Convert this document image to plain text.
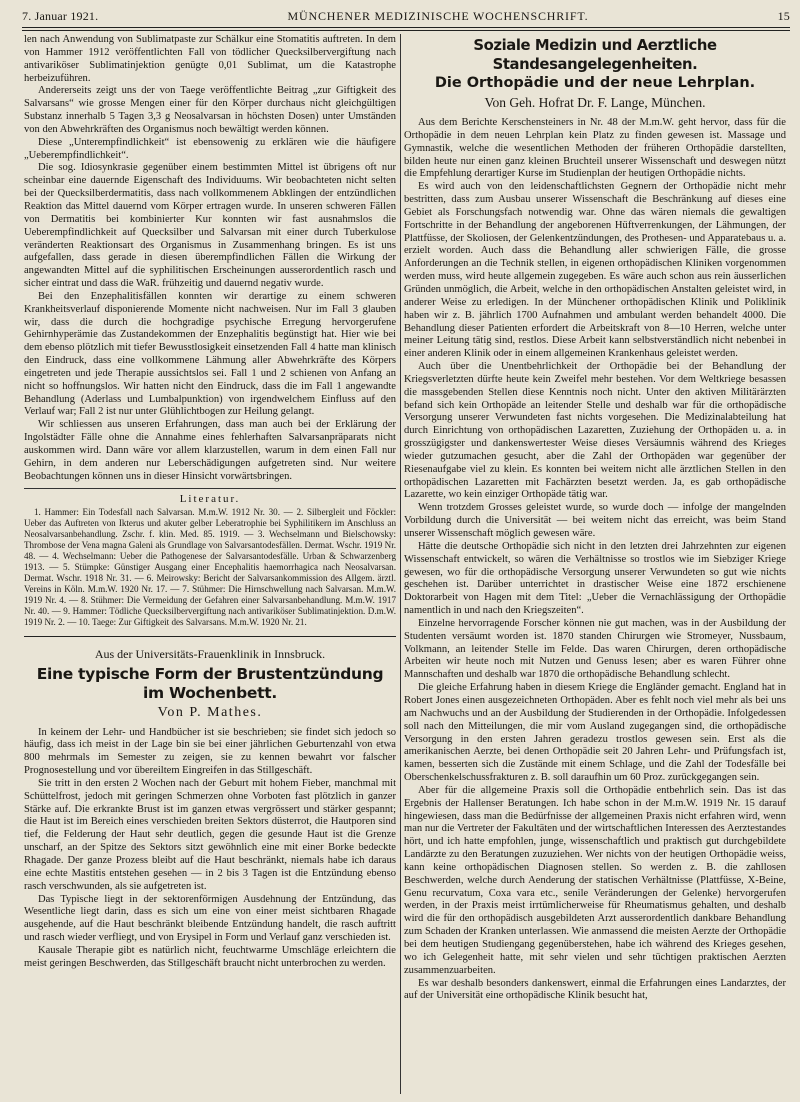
7. Januar 1921.	MÜNCHENER MEDIZINISCHE WOCHENSCHRIFT.	15

len nach Anwendung von Sublimatpaste zur Schälkur eine Stomatitis auftreten. In dem von Hammer 1912 veröffentlichten Fall von tödlicher Quecksilbervergiftung nach antivariköser Sublimatinjektion genügte 0,01 Sublimat, um die Katastrophe herbeizuführen.

Andererseits zeigt uns der von Taege veröffentlichte Beitrag „zur Giftigkeit des Salvarsans“ wie grosse Mengen einer für den Körper durchaus nicht gleichgültigen Substanz innerhalb 5 Tagen 3,3 g Neosalvarsan in höchsten Dosen) unter Umständen von den Abwehrkräften des Organismus noch bewältigt werden können.

Diese „Unterempfindlichkeit“ ist ebensowenig zu erklären wie die häufigere „Ueberempfindlichkeit“.

Die sog. Idiosynkrasie gegenüber einem bestimmten Mittel ist übrigens oft nur scheinbar eine dauernde Eigenschaft des Individuums. Wir beobachteten nicht selten bei der Quecksilberdermatitis, dass nach vollkommenem Abklingen der entzündlichen Reaktion das Mittel dauernd vom Körper ertragen wurde. In unseren schweren Fällen von Dermatitis bei kombinierter Kur konnten wir fast ausnahmslos die Ueberempfindlichkeit auf Quecksilber und Salvarsan mit einer durch Tuberkulose veränderten Reaktionsart des Organismus in Zusammenhang bringen. Es ist uns aufgefallen, dass gerade in diesen überempfindlichen Fällen die Wirkung der angewandten Mittel auf die syphilitischen Erscheinungen ausserordentlich rasch und sicher eintrat und dass die WaR. frühzeitig und dauernd negativ wurde.

Bei den Enzephalitisfällen konnten wir derartige zu einem schweren Krankheitsverlauf disponierende Momente nicht nachweisen. Nur im Fall 3 glauben wir, dass die durch die hochgradige psychische Erregung hervorgerufene Gehirnhyperämie das Zustandekommen der Enzephalitis begünstigt hat. Hier wie bei dem ebenso plötzlich mit tiefer Bewusstlosigkeit einsetzenden Fall 4 hatte man klinisch den Eindruck, dass eine vollkommene Lähmung aller Abwehrkräfte des Körpers eingetreten und jede Therapie aussichtslos sei. Fall 1 und 2 schienen von Anfang an nicht so hoffnungslos. Wir hatten nicht den Eindruck, dass die im Fall 1 angewandte Behandlung (Aderlass und Lumbalpunktion) von irgendwelchem Einfluss auf den Verlauf war; Fall 2 ist nur unter Glühlichtbogen zur Heilung gelangt.

Wir schliessen aus unseren Erfahrungen, dass man auch bei der Erklärung der Ingolstädter Fälle ohne die Annahme eines fehlerhaften Salvarsanpräparats nicht auskommen wird. Dann wäre vor allem klarzustellen, warum in dem einen Fall nur Gehirn, in dem anderen nur Leberschädigungen aufgetreten sind. Nur weitere Beobachtungen können uns in dieser Hinsicht vorwärtsbringen.

Literatur.

1. Hammer: Ein Todesfall nach Salvarsan. M.m.W. 1912 Nr. 30. — 2. Silbergleit und Föckler: Ueber das Auftreten von Ikterus und akuter gelber Leberatrophie bei Syphilitikern im Anschluss an Neosalvarsanbehandlung. Zschr. f. klin. Med. 85. 1919. — 3. Wechselmann und Bielschowsky: Thrombose der Vena magna Galeni als Grundlage von Salvarsantodesfällen. Dermat. Wschr. 1919 Nr. 48. — 4. Wechselmann: Ueber die Pathogenese der Salvarsantodesfälle. Urban & Schwarzenberg 1913. — 5. Stümpke: Günstiger Ausgang einer Encephalitis haemorrhagica nach Neosalvarsan. Dermat. Wschr. 1918 Nr. 31. — 6. Meirowsky: Bericht der Salvarsankommission des Allgem. ärztl. Vereins in Köln. M.m.W. 1920 Nr. 17. — 7. Stühmer: Die Hirnschwellung nach Salvarsan. M.m.W. 1919 Nr. 4. — 8. Stühmer: Die Vermeidung der Gefahren einer Salvarsanbehandlung. M.m.W. 1917 Nr. 40. — 9. Hammer: Tödliche Quecksilbervergiftung nach antivariköser Sublimatinjektion. D.m.W. 1919 Nr. 2. — 10. Taege: Zur Giftigkeit des Salvarsans. M.m.W. 1920 Nr. 21.

Aus der Universitäts-Frauenklinik in Innsbruck.
Eine typische Form der Brustentzündung im Wochenbett.
Von P. Mathes.

In keinem der Lehr- und Handbücher ist sie beschrieben; sie findet sich jedoch so häufig, dass ich meist in der Lage bin sie bei einer jährlichen Geburtenzahl von etwa 800 mehrmals im Semester zu zeigen, sie zu kennen bewahrt vor falscher Prognosestellung und vor übereiltem Eingreifen in das Stillgeschäft.

Sie tritt in den ersten 2 Wochen nach der Geburt mit hohem Fieber, manchmal mit Schüttelfrost, jedoch mit geringen Schmerzen ohne Vorboten fast plötzlich in ganzer Stärke auf. Die erkrankte Brust ist im ganzen etwas vergrössert und stärker gespannt; die Haut ist im Bereich eines verschieden breiten Sektors düsterrot, die Hautporen sind tief, die Felderung der Haut sehr deutlich, gegen die gesunde Haut ist die Grenze unscharf, an der Spitze des Sektors sitzt gewöhnlich eine mit einer Borke bedeckte Rhagade. Der ganze Prozess bleibt auf die Haut beschränkt, niemals habe ich daraus eine echte Mastitis entstehen gesehen — in 2 bis 3 Tagen ist die Entzündung ebenso rasch verschwunden, als sie aufgetreten ist.

Das Typische liegt in der sektorenförmigen Ausdehnung der Entzündung, das Wesentliche liegt darin, dass es sich um eine von einer meist sichtbaren Rhagade ausgehende, auf die Haut beschränkt bleibende Entzündung handelt, die rasch auftritt und rasch wieder verfliegt, und von Erysipel in Form und Verlauf ganz verschieden ist.

Kausale Therapie gibt es natürlich nicht, feuchtwarme Umschläge erleichtern die meist geringen Beschwerden, das Stillgeschäft braucht nicht unterbrochen zu werden.

Soziale Medizin und Aerztliche Standesangelegenheiten.
Die Orthopädie und der neue Lehrplan.
Von Geh. Hofrat Dr. F. Lange, München.

Aus dem Berichte Kerschensteiners in Nr. 48 der M.m.W. geht hervor, dass für die Orthopädie in dem neuen Lehrplan kein Platz zu finden gewesen ist. Massage und Gymnastik, welche die wesentlichen Methoden der früheren Orthopädie darstellten, bilden heute nur einen ganz kleinen Bruchteil unserer Wissenschaft und deswegen nützt die Empfehlung derartiger Kurse im Studienplan der heutigen Orthopädie nichts.

Es wird auch von den leidenschaftlichsten Gegnern der Orthopädie nicht mehr bestritten, dass zum Ausbau unserer Wissenschaft die Beschränkung auf dieses eine Gebiet als Forschungsfach notwendig war. Ohne das wären niemals die gewaltigen Fortschritte in der Behandlung der angeborenen Hüftverrenkungen, der Lähmungen, der Plattfüsse, der Skoliosen, der Gelenkentzündungen, des Prothesen- und Apparatebaus u. a. erzielt worden. Auch dass die Behandlung aller schwierigen Fälle, die grosse Anforderungen an die Technik stellen, in eigenen orthopädischen Kliniken vorgenommen werden muss, wird heute allgemein zugegeben. Es wäre auch schon aus rein äusserlichen Gründen unmöglich, die Arbeit, welche in den orthopädischen Anstalten geleistet wird, in anderer Weise zu erledigen. In der Münchener orthopädischen Klinik und Poliklinik haben wir z. B. jährlich 1700 Aufnahmen und ambulant werden behandelt 4000. Die Behandlung dieser Patienten erfordert die Arbeitskraft von 8—10 Herren, welche unter meiner Leitung tätig sind, restlos. Diese Arbeit kann selbstverständlich nicht nebenbei in einer anderen Klinik oder in einem allgemeinen Krankenhaus geleistet werden.

Auch über die Unentbehrlichkeit der Orthopädie bei der Behandlung der Kriegsverletzten dürfte heute kein Zweifel mehr bestehen. Vor dem Weltkriege besassen die massgebenden Stellen diese Kenntnis noch nicht. Unter den aktiven Militärärzten befand sich kein Orthopäde an leitender Stelle und deshalb war für die orthopädische Versorgung unserer Verwundeten fast nichts vorgesehen. Die Medizinalabteilung hat durch Einrichtung von orthopädischen Lazaretten, Zuziehung der Orthopäden u. a. in grosszügigster und dankenswertester Weise dieses Versäumnis während des Krieges wieder gutzumachen gesucht, aber die Zahl der Orthopäden war gegenüber der Riesenaufgabe viel zu klein. Es konnten bei weitem nicht alle ärztlichen Stellen in den orthopädischen Lazaretten mit Fachärzten besetzt werden. Ja, es gab orthopädische Lazarette, wo kein einziger Orthopäde tätig war.

Wenn trotzdem Grosses geleistet wurde, so wurde doch — infolge der mangelnden Vorbildung durch die Universität — bei weitem nicht das erreicht, was beim Stand unserer Wissenschaft möglich gewesen wäre.

Hätte die deutsche Orthopädie sich nicht in den letzten drei Jahrzehnten zur eigenen Wissenschaft entwickelt, so wären die Verhältnisse so trostlos wie im Siebziger Kriege gewesen, wo für die orthopädische Versorgung unserer Verwundeten so gut wie nichts geschehen ist. Darüber unterrichtet in drastischer Weise eine 1872 erschienene Doktorarbeit von Hagen mit dem Titel: „Ueber die Vernachlässigung der Orthopädie namentlich in und nach den Kriegszeiten“.

Einzelne hervorragende Forscher können nie gut machen, was in der Ausbildung der Studenten versäumt worden ist. 1870 standen Chirurgen wie Stromeyer, Nussbaum, Volkmann, an leitender Stelle im Felde. Das waren Chirurgen, deren orthopädische Arbeiten wir heute noch mit Nutzen und Genuss lesen; aber es waren Führer ohne Mannschaften und deshalb war 1870 die orthopädische Behandlung schlecht.

Die gleiche Erfahrung haben in diesem Kriege die Engländer gemacht. England hat in Robert Jones einen ausgezeichneten Orthopäden. Aber es fehlt noch viel mehr als bei uns am Nachwuchs und an der Ausbildung der Studierenden in der Orthopädie. Infolgedessen soll nach den Mitteilungen, die mir vom Ausland zugegangen sind, die orthopädische Versorgung in den ersten Jahren geradezu trostlos gewesen sein. Erst als die amerikanischen Aerzte, bei denen Orthopädie seit 20 Jahren Lehr- und Prüfungsfach ist, kamen, besserten sich die Zustände mit einem Schlage, und die Zahl der Todesfälle bei Oberschenkelschussfrakturen z. B. soll daraufhin um 60 Proz. zurückgegangen sein.

Aber für die allgemeine Praxis soll die Orthopädie entbehrlich sein. Das ist das Ergebnis der Hallenser Beratungen. Ich habe schon in der M.m.W. 1919 Nr. 15 darauf hingewiesen, dass man die Bedürfnisse der allgemeinen Praxis nicht erfahren wird, wenn man nur die Vertreter der Fakultäten und der wirtschaftlichen Interessen des Aerztestandes hört, und ich hatte empfohlen, junge, wissenschaftlich und praktisch gut durchgebildete Landärzte zu den Beratungen zuzuziehen. Wer nichts von der heutigen Orthopädie weiss, kann keine orthopädischen Diagnosen stellen. So werden z. B. die zahllosen Beschwerden, welche durch Aenderung der statischen Verhältnisse (Plattfüsse, X-Beine, Genu recurvatum, Coxa vara etc., senile Veränderungen der Gelenke) hervorgerufen werden, in der Praxis meist irrtümlicherweise für Rheumatismus gehalten, und deshalb wird die für den orthopädisch ausgebildeten Arzt ausserordentlich dankbare Behandlung zum Schaden der Kranken unterlassen. Wie anmassend die meisten Aerzte der Orthopädie bei dem heutigen Studiengang gegenüberstehen, habe ich während des Krieges gesehen, wo ich Gelegenheit hatte, mit sehr vielen und sehr tüchtigen praktischen Aerzten zusammenzuarbeiten.

Es war deshalb besonders dankenswert, einmal die Erfahrungen eines Landarztes, der auf der Universität eine orthopädische Klinik besucht hat,
